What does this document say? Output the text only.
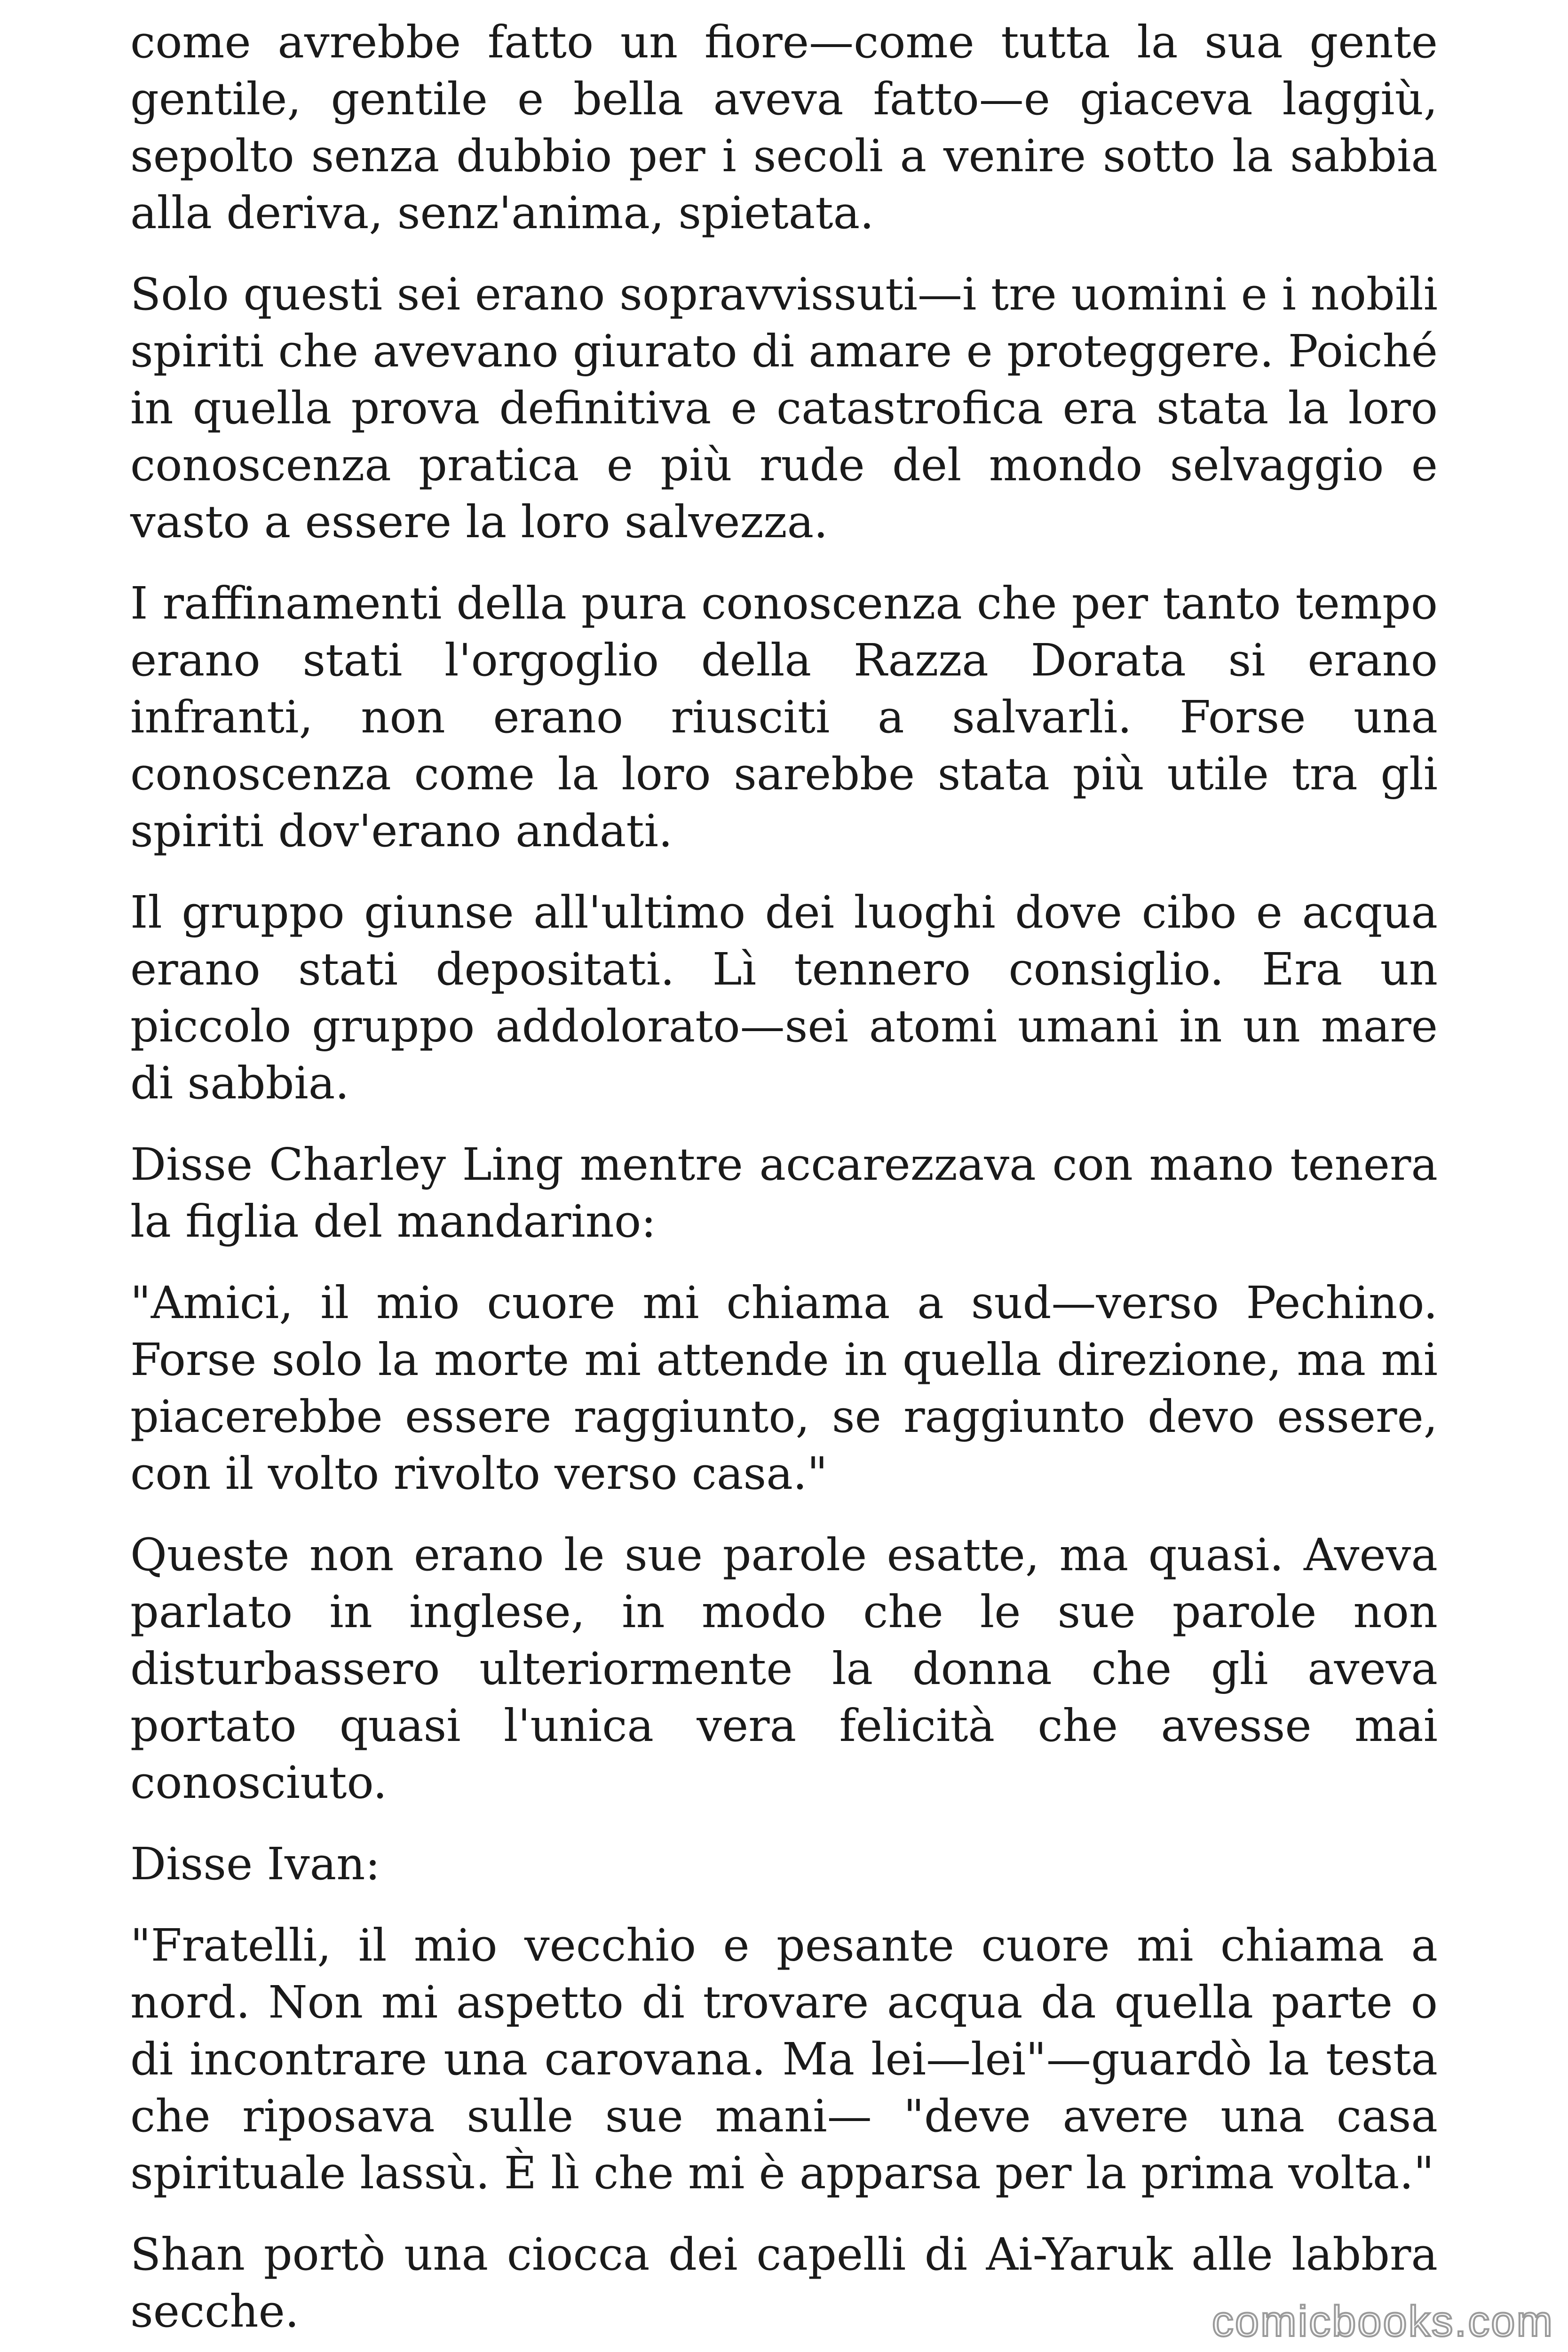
come avrebbe fatto un fiore—come tutta la sua gente gentile, gentile e bella aveva fatto—e giaceva laggiù, sepolto senza dubbio per i secoli a venire sotto la sabbia alla deriva, senz'anima, spietata.

Solo questi sei erano sopravvissuti—i tre uomini e i nobili spiriti che avevano giurato di amare e proteggere. Poiché in quella prova definitiva e catastrofica era stata la loro conoscenza pratica e più rude del mondo selvaggio e vasto a essere la loro salvezza.

I raffinamenti della pura conoscenza che per tanto tempo erano stati l'orgoglio della Razza Dorata si erano infranti, non erano riusciti a salvarli. Forse una conoscenza come la loro sarebbe stata più utile tra gli spiriti dov'erano andati.

Il gruppo giunse all'ultimo dei luoghi dove cibo e acqua erano stati depositati. Lì tennero consiglio. Era un piccolo gruppo addolorato—sei atomi umani in un mare di sabbia.

Disse Charley Ling mentre accarezzava con mano tenera la figlia del mandarino:

"Amici, il mio cuore mi chiama a sud—verso Pechino. Forse solo la morte mi attende in quella direzione, ma mi piacerebbe essere raggiunto, se raggiunto devo essere, con il volto rivolto verso casa."

Queste non erano le sue parole esatte, ma quasi. Aveva parlato in inglese, in modo che le sue parole non disturbassero ulteriormente la donna che gli aveva portato quasi l'unica vera felicità che avesse mai conosciuto.

Disse Ivan:

"Fratelli, il mio vecchio e pesante cuore mi chiama a nord. Non mi aspetto di trovare acqua da quella parte o di incontrare una carovana. Ma lei—lei"—guardò la testa che riposava sulle sue mani— "deve avere una casa spirituale lassù. È lì che mi è apparsa per la prima volta."

Shan portò una ciocca dei capelli di Ai-Yaruk alle labbra secche.	comicbooks.com
